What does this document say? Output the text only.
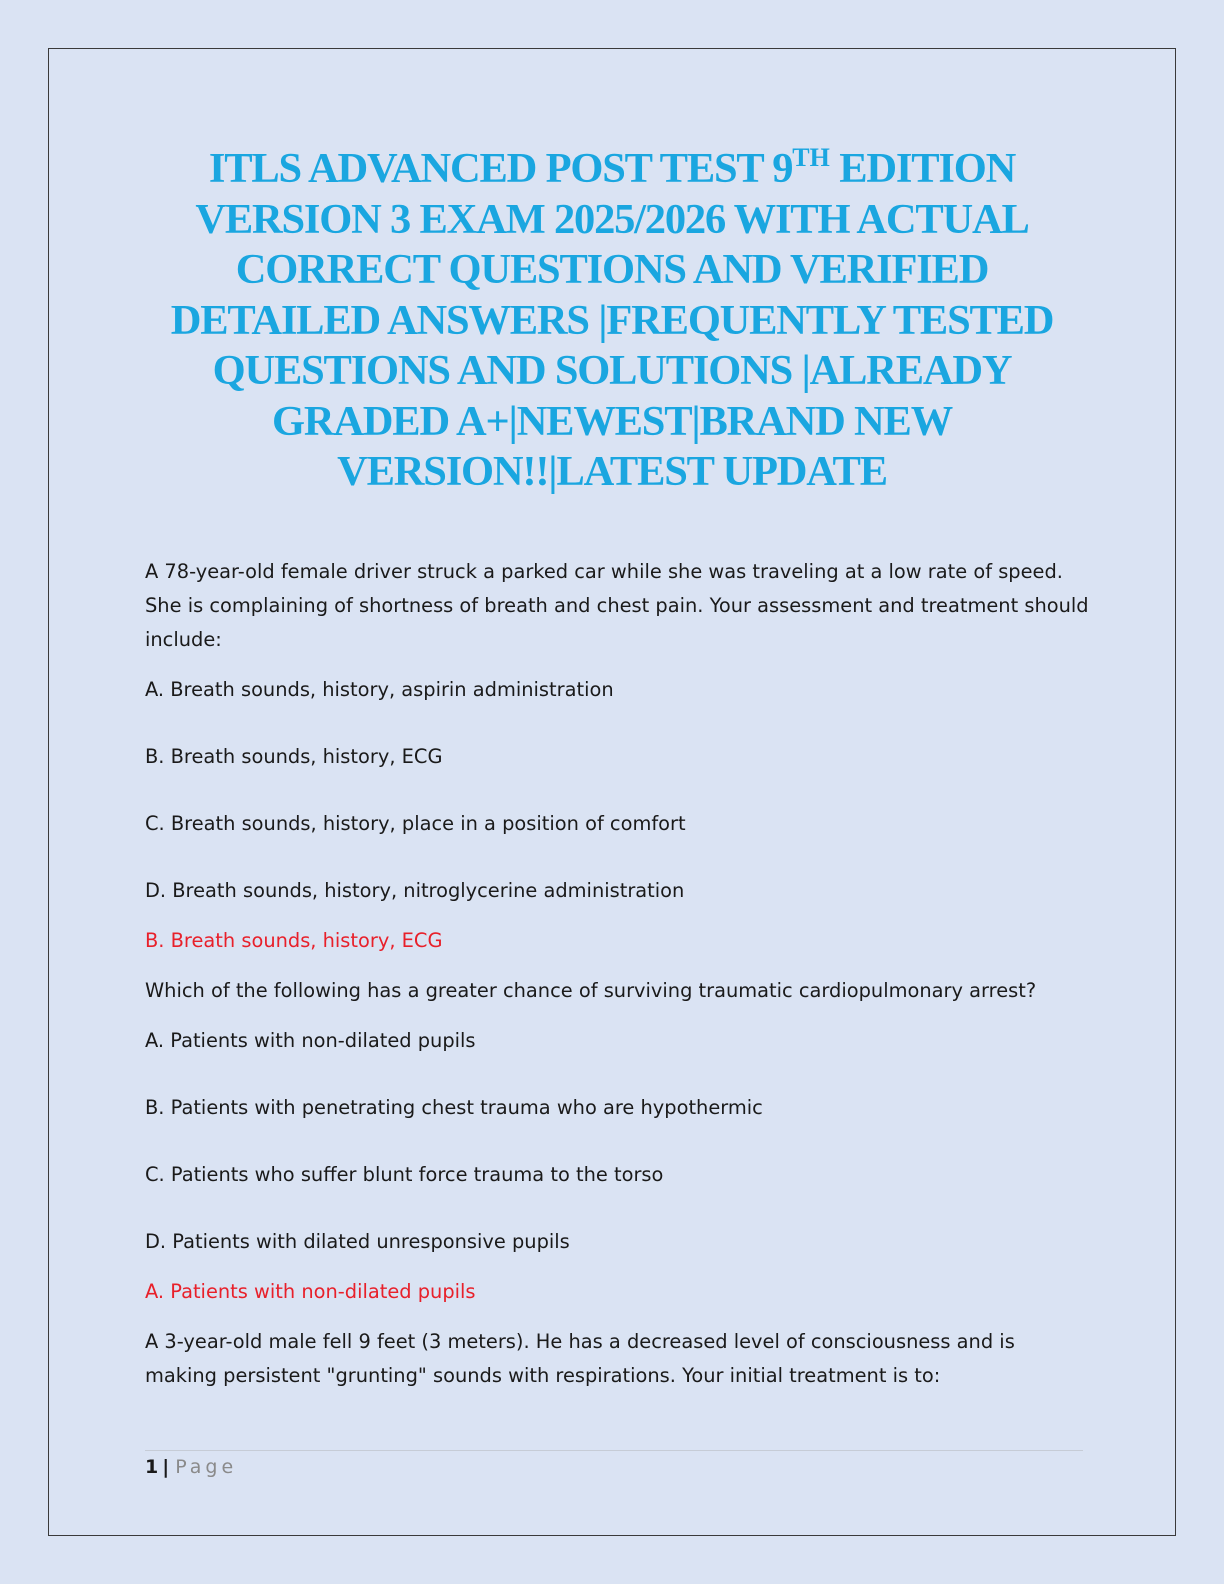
ITLS ADVANCED POST TEST 9TH EDITION
VERSION 3 EXAM 2025/2026 WITH ACTUAL
CORRECT QUESTIONS AND VERIFIED
DETAILED ANSWERS |FREQUENTLY TESTED
QUESTIONS AND SOLUTIONS |ALREADY
GRADED A+|NEWEST|BRAND NEW
VERSION!!|LATEST UPDATE

A 78-year-old female driver struck a parked car while she was traveling at a low rate of speed. She is complaining of shortness of breath and chest pain. Your assessment and treatment should include:

A. Breath sounds, history, aspirin administration

B. Breath sounds, history, ECG

C. Breath sounds, history, place in a position of comfort

D. Breath sounds, history, nitroglycerine administration

B. Breath sounds, history, ECG

Which of the following has a greater chance of surviving traumatic cardiopulmonary arrest?

A. Patients with non-dilated pupils

B. Patients with penetrating chest trauma who are hypothermic

C. Patients who suffer blunt force trauma to the torso

D. Patients with dilated unresponsive pupils

A. Patients with non-dilated pupils

A 3-year-old male fell 9 feet (3 meters). He has a decreased level of consciousness and is making persistent "grunting" sounds with respirations. Your initial treatment is to:

1 | Page
